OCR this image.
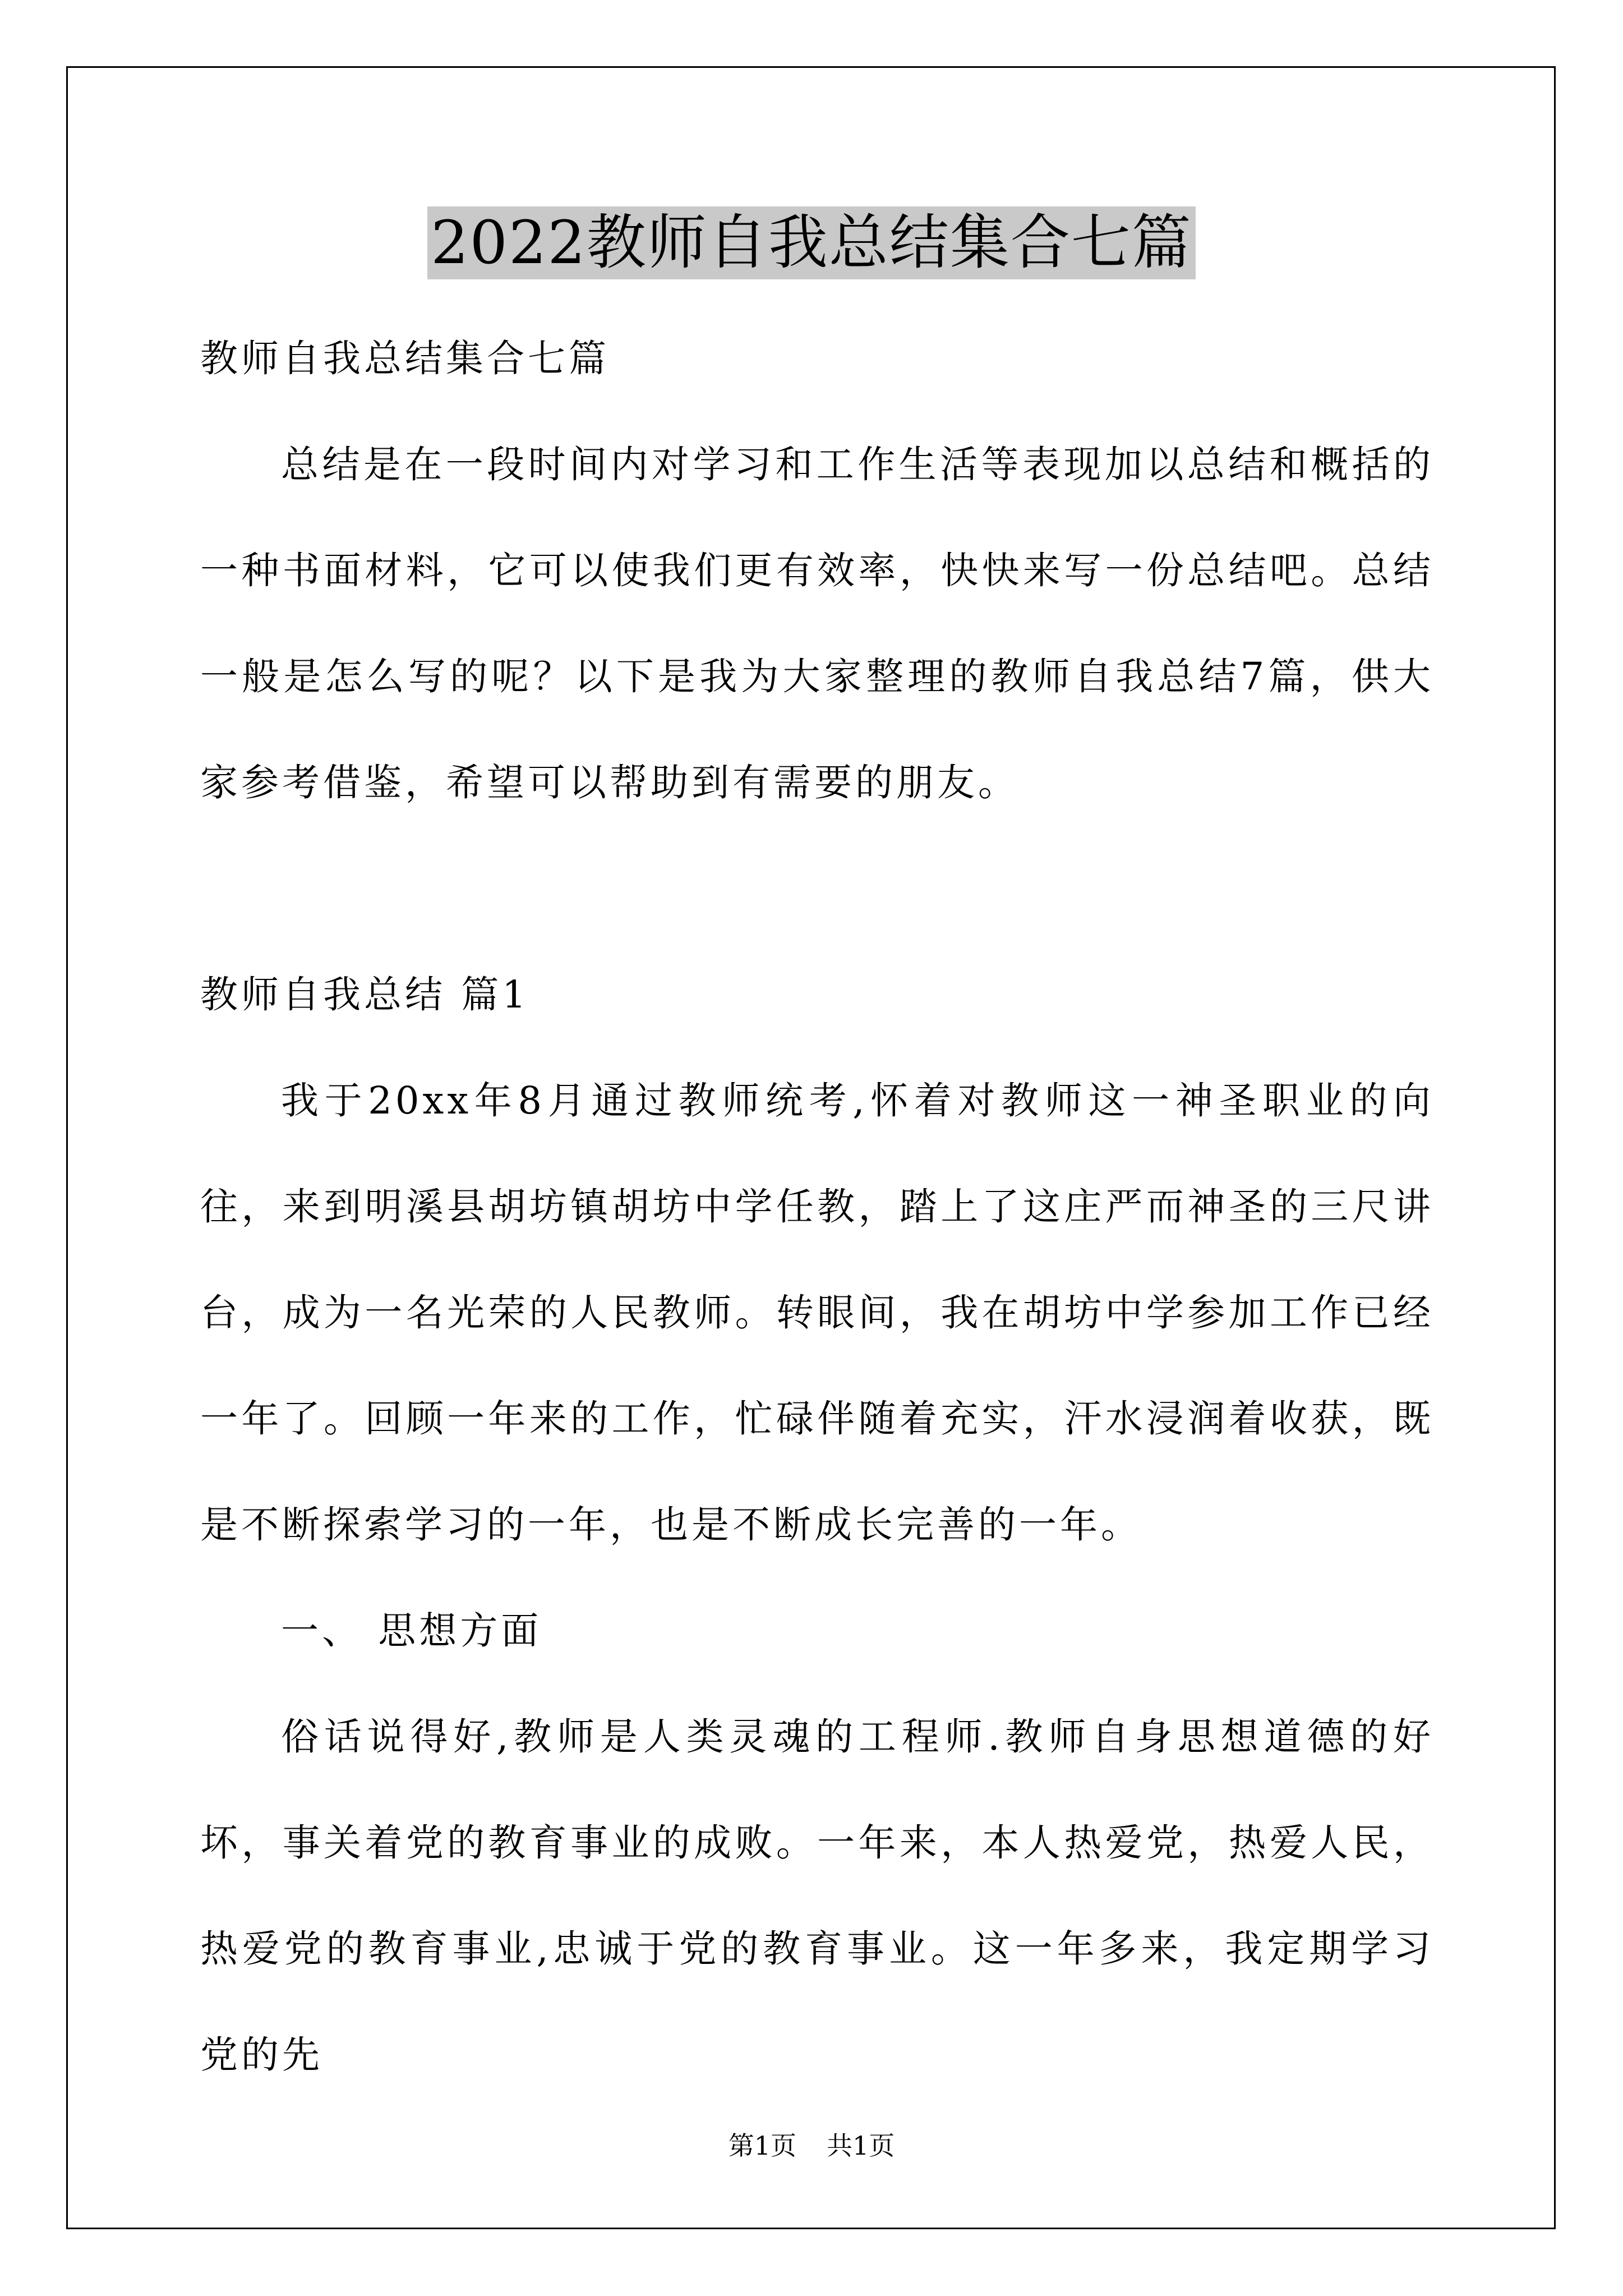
2022教师自我总结集合七篇

教师自我总结集合七篇

总结是在一段时间内对学习和工作生活等表现加以总结和概括的一种书面材料，它可以使我们更有效率，快快来写一份总结吧。总结一般是怎么写的呢？以下是我为大家整理的教师自我总结7篇，供大家参考借鉴，希望可以帮助到有需要的朋友。

教师自我总结 篇1

我于20xx年8月通过教师统考,怀着对教师这一神圣职业的向往，来到明溪县胡坊镇胡坊中学任教，踏上了这庄严而神圣的三尺讲台，成为一名光荣的人民教师。转眼间，我在胡坊中学参加工作已经一年了。回顾一年来的工作，忙碌伴随着充实，汗水浸润着收获，既是不断探索学习的一年，也是不断成长完善的一年。

一、 思想方面

俗话说得好,教师是人类灵魂的工程师.教师自身思想道德的好坏，事关着党的教育事业的成败。一年来，本人热爱党，热爱人民，热爱党的教育事业,忠诚于党的教育事业。这一年多来，我定期学习党的先

第1页 共1页
